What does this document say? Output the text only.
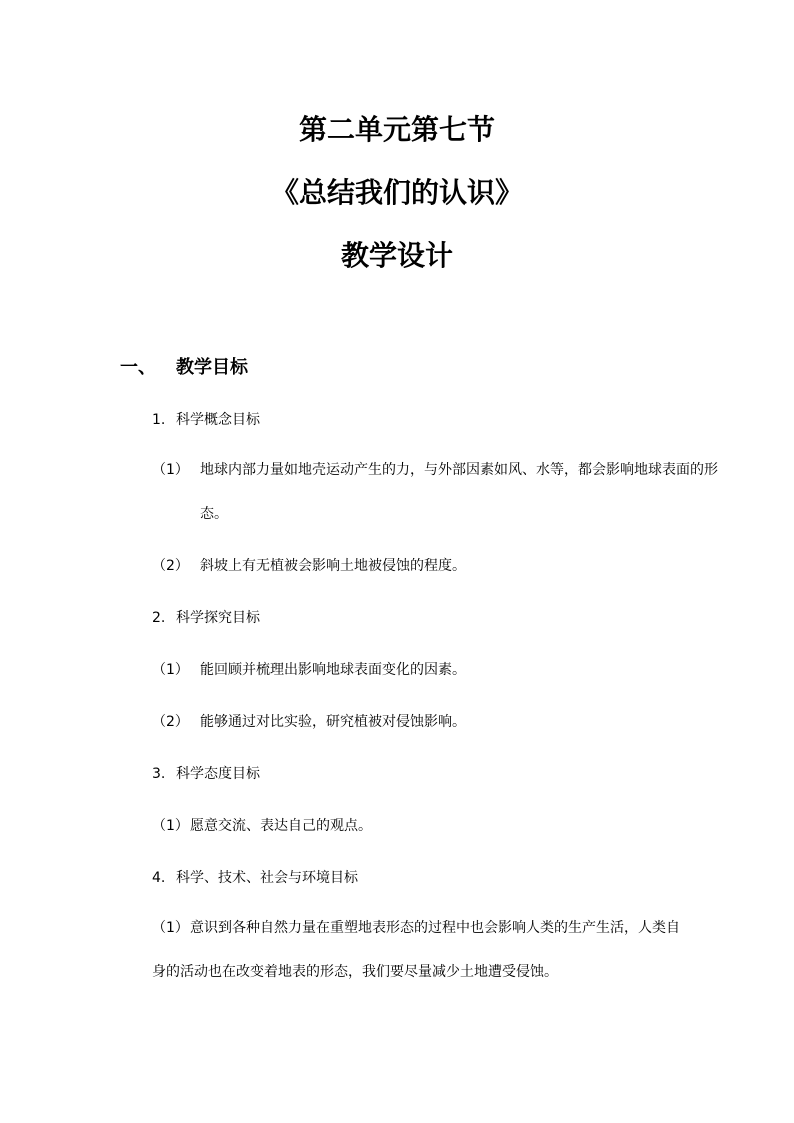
第二单元第七节
《总结我们的认识》
教学设计
一、 教学目标
1. 科学概念目标
（1） 地球内部力量如地壳运动产生的力，与外部因素如风、水等，都会影响地球表面的形态。
（2） 斜坡上有无植被会影响土地被侵蚀的程度。
2. 科学探究目标
（1） 能回顾并梳理出影响地球表面变化的因素。
（2） 能够通过对比实验，研究植被对侵蚀影响。
3. 科学态度目标
（1）愿意交流、表达自己的观点。
4. 科学、技术、社会与环境目标
（1）意识到各种自然力量在重塑地表形态的过程中也会影响人类的生产生活，人类自身的活动也在改变着地表的形态，我们要尽量减少土地遭受侵蚀。
